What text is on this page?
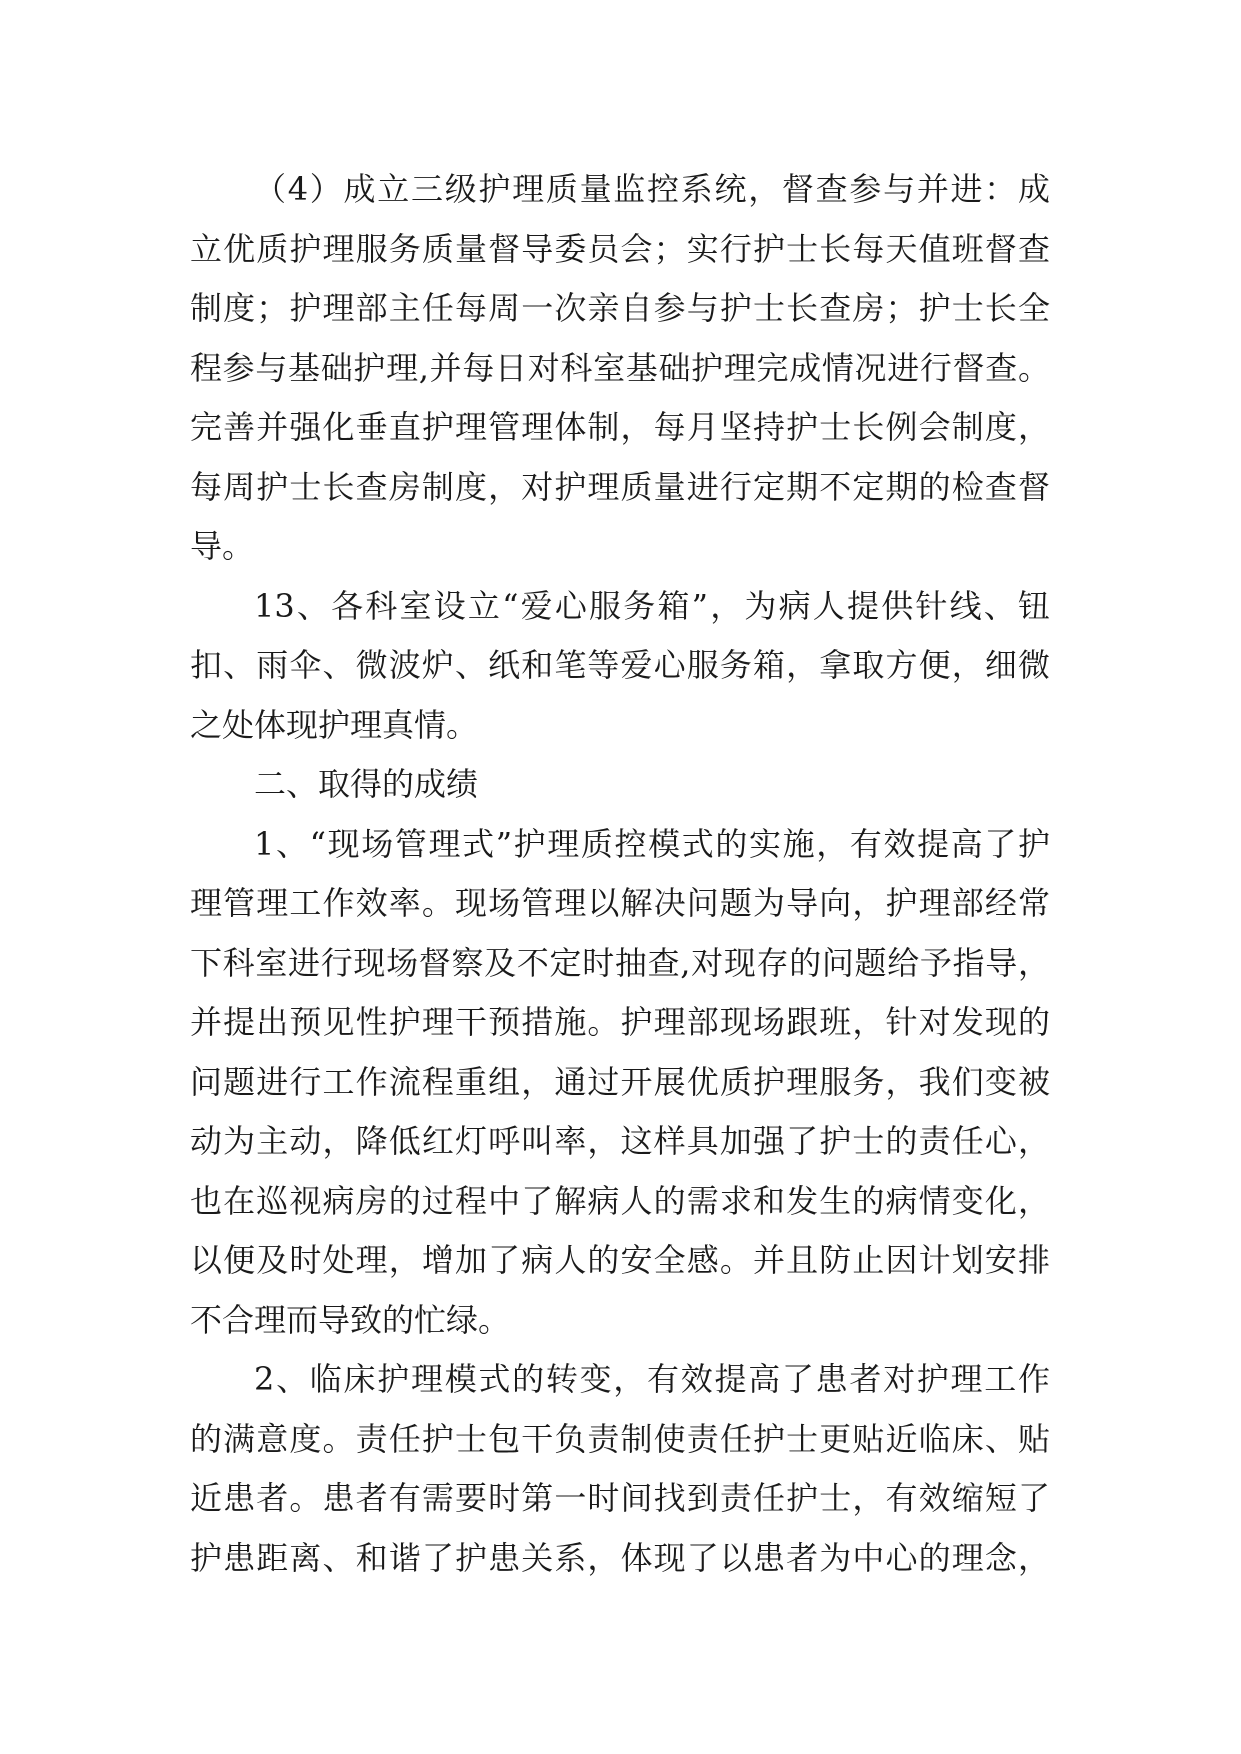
（4）成立三级护理质量监控系统，督查参与并进：成
立优质护理服务质量督导委员会；实行护士长每天值班督查
制度；护理部主任每周一次亲自参与护士长查房；护士长全
程参与基础护理,并每日对科室基础护理完成情况进行督查。
完善并强化垂直护理管理体制，每月坚持护士长例会制度，
每周护士长查房制度，对护理质量进行定期不定期的检查督
导。
13、各科室设立“爱心服务箱”，为病人提供针线、钮
扣、雨伞、微波炉、纸和笔等爱心服务箱，拿取方便，细微
之处体现护理真情。
二、取得的成绩
1、“现场管理式”护理质控模式的实施，有效提高了护
理管理工作效率。现场管理以解决问题为导向，护理部经常
下科室进行现场督察及不定时抽查,对现存的问题给予指导，
并提出预见性护理干预措施。护理部现场跟班，针对发现的
问题进行工作流程重组，通过开展优质护理服务，我们变被
动为主动，降低红灯呼叫率，这样具加强了护士的责任心，
也在巡视病房的过程中了解病人的需求和发生的病情变化，
以便及时处理，增加了病人的安全感。并且防止因计划安排
不合理而导致的忙绿。
2、临床护理模式的转变，有效提高了患者对护理工作
的满意度。责任护士包干负责制使责任护士更贴近临床、贴
近患者。患者有需要时第一时间找到责任护士，有效缩短了
护患距离、和谐了护患关系，体现了以患者为中心的理念，
